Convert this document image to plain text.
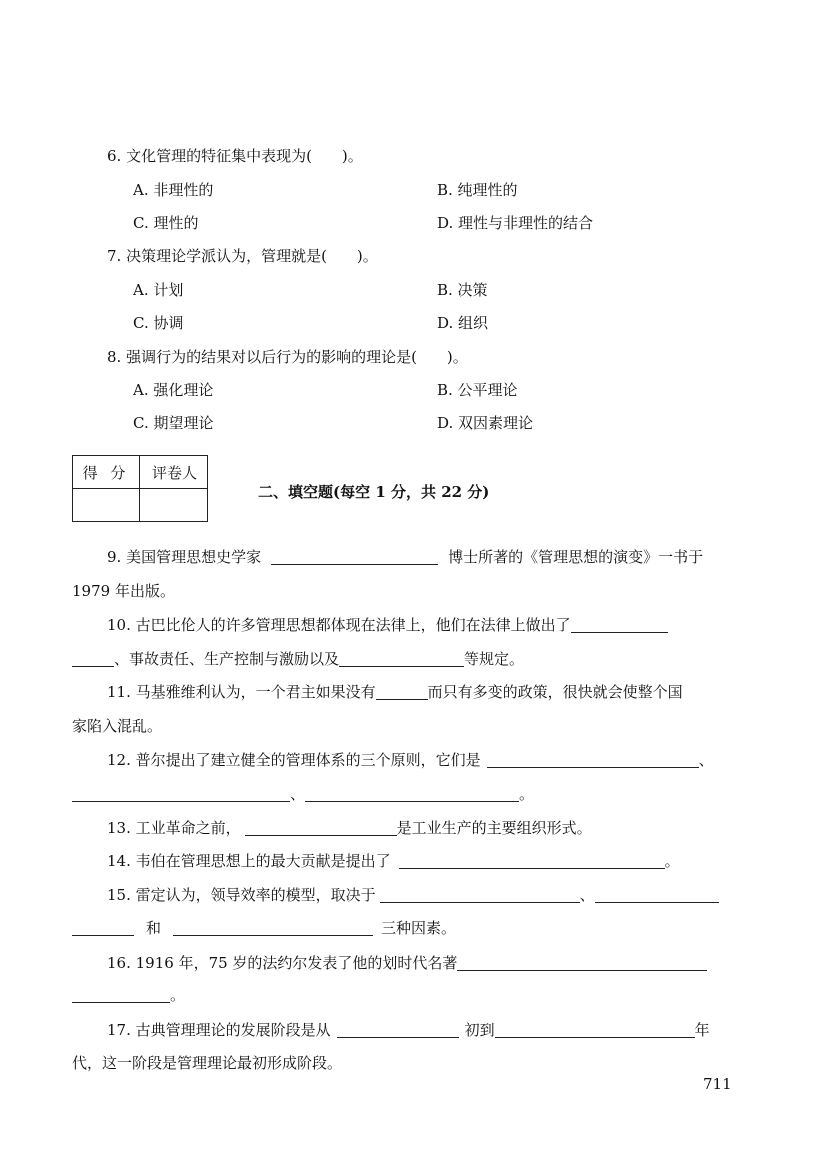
6. 文化管理的特征集中表现为(　　)。
A. 非理性的	B. 纯理性的
C. 理性的	D. 理性与非理性的结合
7. 决策理论学派认为，管理就是(　　)。
A. 计划	B. 决策
C. 协调	D. 组织
8. 强调行为的结果对以后行为的影响的理论是(　　)。
A. 强化理论	B. 公平理论
C. 期望理论	D. 双因素理论
得 分	评卷人
二、填空题(每空 1 分，共 22 分)
9. 美国管理思想史学家	博士所著的《管理思想的演变》一书于
1979 年出版。
10. 古巴比伦人的许多管理思想都体现在法律上，他们在法律上做出了
、事故责任、生产控制与激励以及	等规定。
11. 马基雅维利认为，一个君主如果没有	而只有多变的政策，很快就会使整个国
家陷入混乱。
12. 普尔提出了建立健全的管理体系的三个原则，它们是	、
、	。
13. 工业革命之前，	是工业生产的主要组织形式。
14. 韦伯在管理思想上的最大贡献是提出了	。
15. 雷定认为，领导效率的模型，取决于	、
和	三种因素。
16. 1916 年，75 岁的法约尔发表了他的划时代名著
。
17. 古典管理理论的发展阶段是从	初到	年
代，这一阶段是管理理论最初形成阶段。
711
